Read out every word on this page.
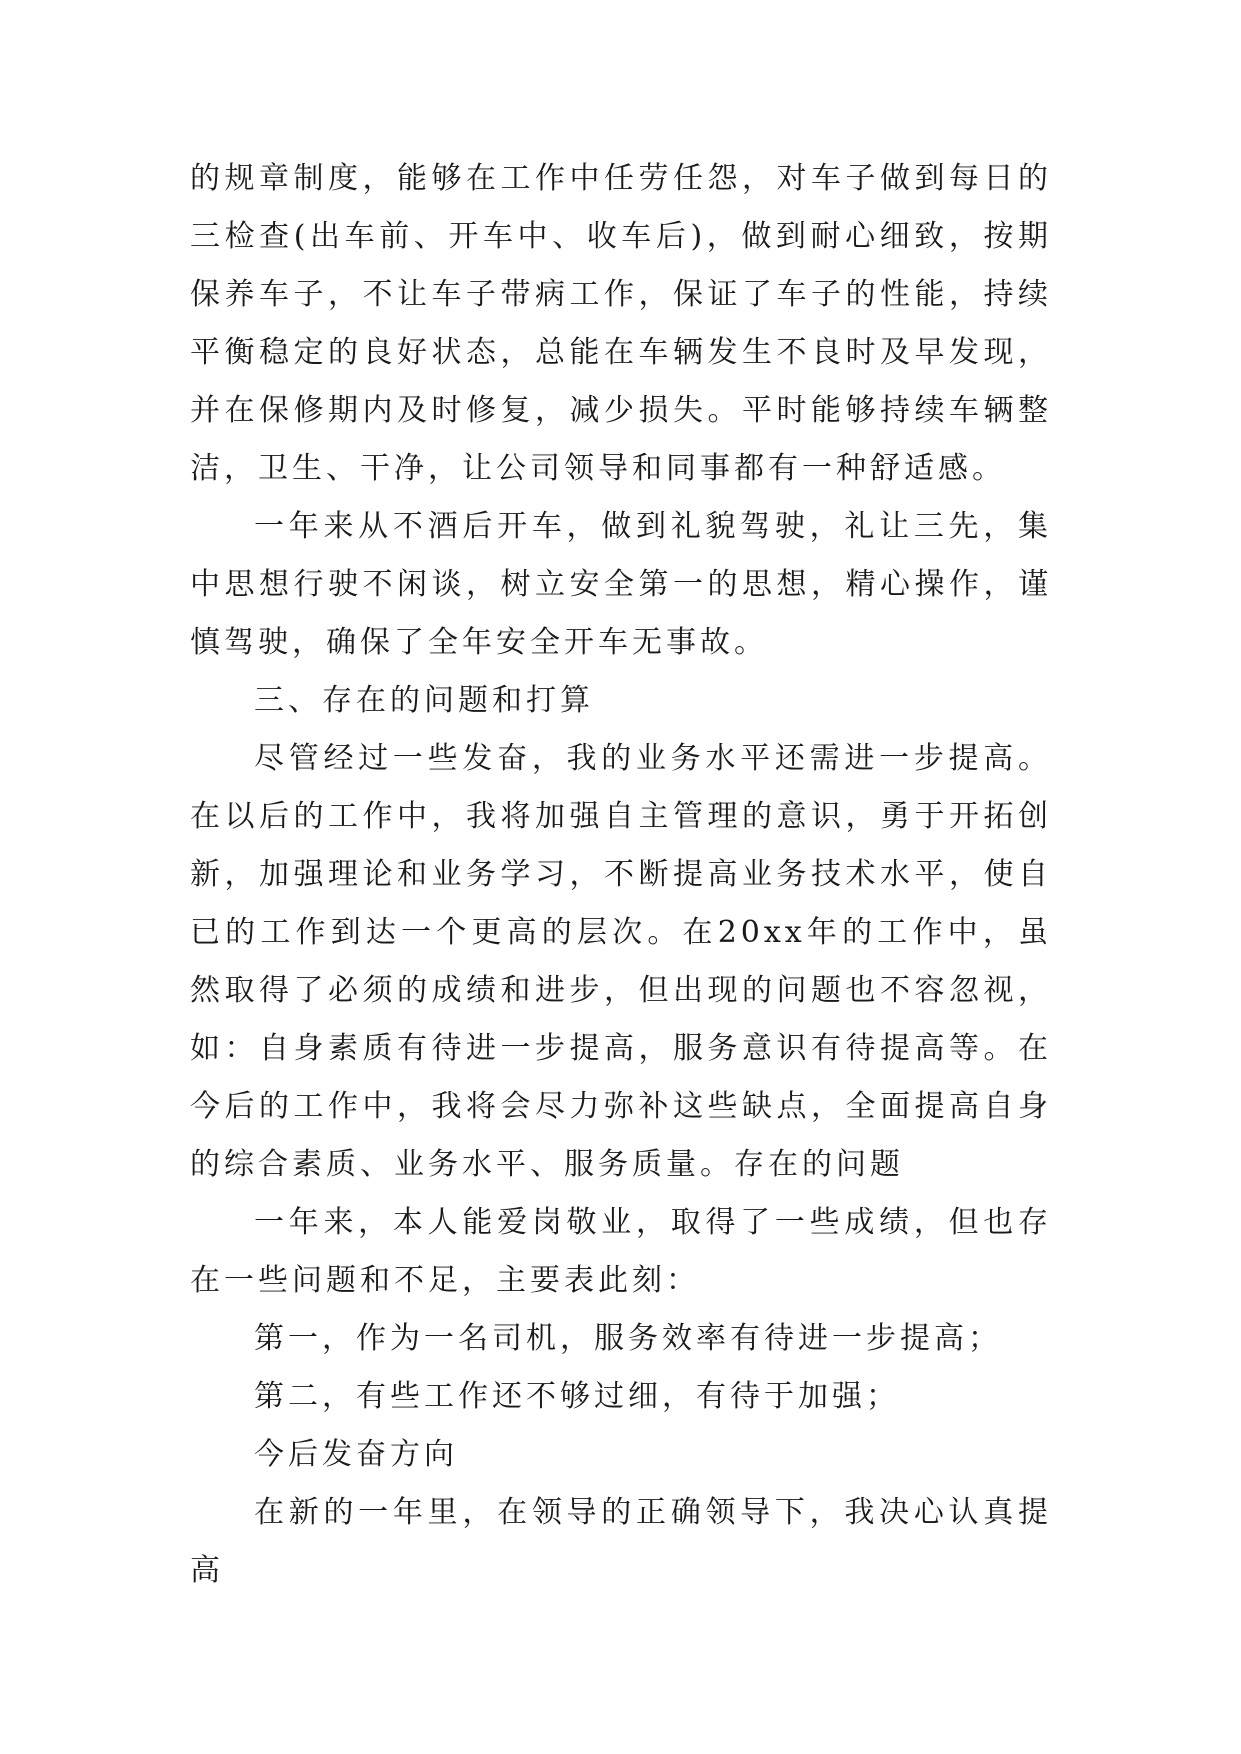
的规章制度，能够在工作中任劳任怨，对车子做到每日的三检查(出车前、开车中、收车后)，做到耐心细致，按期保养车子，不让车子带病工作，保证了车子的性能，持续平衡稳定的良好状态，总能在车辆发生不良时及早发现，并在保修期内及时修复，减少损失。平时能够持续车辆整洁，卫生、干净，让公司领导和同事都有一种舒适感。

一年来从不酒后开车，做到礼貌驾驶，礼让三先，集中思想行驶不闲谈，树立安全第一的思想，精心操作，谨慎驾驶，确保了全年安全开车无事故。

三、存在的问题和打算

尽管经过一些发奋，我的业务水平还需进一步提高。在以后的工作中，我将加强自主管理的意识，勇于开拓创新，加强理论和业务学习，不断提高业务技术水平，使自已的工作到达一个更高的层次。在20xx年的工作中，虽然取得了必须的成绩和进步，但出现的问题也不容忽视，如：自身素质有待进一步提高，服务意识有待提高等。在今后的工作中，我将会尽力弥补这些缺点，全面提高自身的综合素质、业务水平、服务质量。存在的问题

一年来，本人能爱岗敬业，取得了一些成绩，但也存在一些问题和不足，主要表此刻：

第一，作为一名司机，服务效率有待进一步提高；

第二，有些工作还不够过细，有待于加强；

今后发奋方向

在新的一年里，在领导的正确领导下，我决心认真提高
